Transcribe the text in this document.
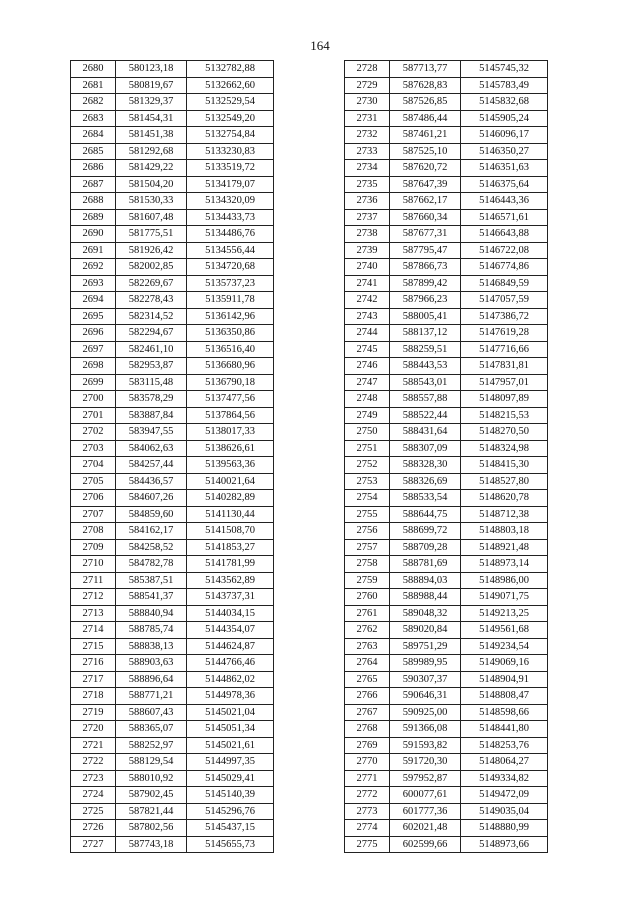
164
2680	580123,18	5132782,88
2681	580819,67	5132662,60
2682	581329,37	5132529,54
2683	581454,31	5132549,20
2684	581451,38	5132754,84
2685	581292,68	5133230,83
2686	581429,22	5133519,72
2687	581504,20	5134179,07
2688	581530,33	5134320,09
2689	581607,48	5134433,73
2690	581775,51	5134486,76
2691	581926,42	5134556,44
2692	582002,85	5134720,68
2693	582269,67	5135737,23
2694	582278,43	5135911,78
2695	582314,52	5136142,96
2696	582294,67	5136350,86
2697	582461,10	5136516,40
2698	582953,87	5136680,96
2699	583115,48	5136790,18
2700	583578,29	5137477,56
2701	583887,84	5137864,56
2702	583947,55	5138017,33
2703	584062,63	5138626,61
2704	584257,44	5139563,36
2705	584436,57	5140021,64
2706	584607,26	5140282,89
2707	584859,60	5141130,44
2708	584162,17	5141508,70
2709	584258,52	5141853,27
2710	584782,78	5141781,99
2711	585387,51	5143562,89
2712	588541,37	5143737,31
2713	588840,94	5144034,15
2714	588785,74	5144354,07
2715	588838,13	5144624,87
2716	588903,63	5144766,46
2717	588896,64	5144862,02
2718	588771,21	5144978,36
2719	588607,43	5145021,04
2720	588365,07	5145051,34
2721	588252,97	5145021,61
2722	588129,54	5144997,35
2723	588010,92	5145029,41
2724	587902,45	5145140,39
2725	587821,44	5145296,76
2726	587802,56	5145437,15
2727	587743,18	5145655,73
2728	587713,77	5145745,32
2729	587628,83	5145783,49
2730	587526,85	5145832,68
2731	587486,44	5145905,24
2732	587461,21	5146096,17
2733	587525,10	5146350,27
2734	587620,72	5146351,63
2735	587647,39	5146375,64
2736	587662,17	5146443,36
2737	587660,34	5146571,61
2738	587677,31	5146643,88
2739	587795,47	5146722,08
2740	587866,73	5146774,86
2741	587899,42	5146849,59
2742	587966,23	5147057,59
2743	588005,41	5147386,72
2744	588137,12	5147619,28
2745	588259,51	5147716,66
2746	588443,53	5147831,81
2747	588543,01	5147957,01
2748	588557,88	5148097,89
2749	588522,44	5148215,53
2750	588431,64	5148270,50
2751	588307,09	5148324,98
2752	588328,30	5148415,30
2753	588326,69	5148527,80
2754	588533,54	5148620,78
2755	588644,75	5148712,38
2756	588699,72	5148803,18
2757	588709,28	5148921,48
2758	588781,69	5148973,14
2759	588894,03	5148986,00
2760	588988,44	5149071,75
2761	589048,32	5149213,25
2762	589020,84	5149561,68
2763	589751,29	5149234,54
2764	589989,95	5149069,16
2765	590307,37	5148904,91
2766	590646,31	5148808,47
2767	590925,00	5148598,66
2768	591366,08	5148441,80
2769	591593,82	5148253,76
2770	591720,30	5148064,27
2771	597952,87	5149334,82
2772	600077,61	5149472,09
2773	601777,36	5149035,04
2774	602021,48	5148880,99
2775	602599,66	5148973,66
